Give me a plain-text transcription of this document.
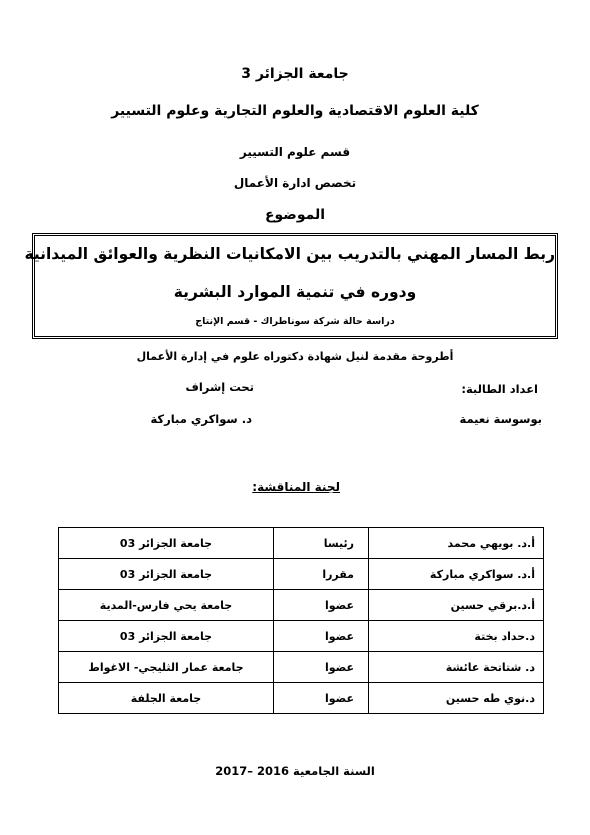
جامعة الجزائر 3
كلية العلوم الاقتصادية والعلوم التجارية وعلوم التسيير
قسم علوم التسيير
تخصص ادارة الأعمال
الموضوع
ربط المسار المهني بالتدريب بين الامكانيات النظرية والعوائق الميدانية
ودوره في تنمية الموارد البشرية
دراسة حالة شركة سوناطراك - قسم الإنتاج
أطروحة مقدمة لنيل شهادة دكتوراه علوم في إدارة الأعمال
اعداد الطالبة:
بوسوسة نعيمة
تحت إشراف
د. سواكري مباركة
لجنة المناقشة:
أ.د. بويهي محمد	رئيسا	جامعة الجزائر 03
أ.د. سواكري مباركة	مقررا	جامعة الجزائر 03
أ.د.برقي حسين	عضوا	جامعة يحي فارس-المدية
د.حداد بختة	عضوا	جامعة الجزائر 03
د. شتاتحة عائشة	عضوا	جامعة عمار الثليجي- الاغواط
د.نوي طه حسين	عضوا	جامعة الجلفة
السنة الجامعية 2016 –2017
